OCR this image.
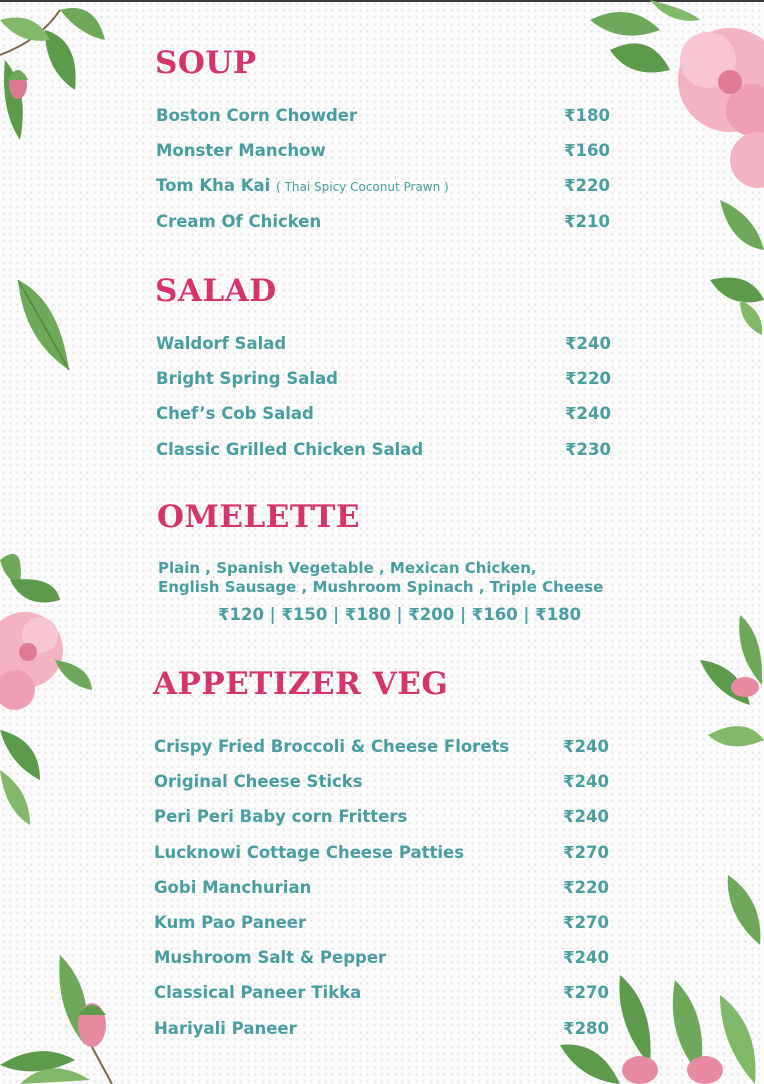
SOUP
Boston Corn Chowder	₹180
Monster Manchow	₹160
Tom Kha Kai ( Thai Spicy Coconut Prawn )	₹220
Cream Of Chicken	₹210
SALAD
Waldorf Salad	₹240
Bright Spring Salad	₹220
Chef’s Cob Salad	₹240
Classic Grilled Chicken Salad	₹230
OMELETTE

Plain , Spanish Vegetable , Mexican Chicken,

English Sausage , Mushroom Spinach , Triple Cheese

₹120 | ₹150 | ₹180 | ₹200 | ₹160 | ₹180
APPETIZER VEG
Crispy Fried Broccoli & Cheese Florets	₹240
Original Cheese Sticks	₹240
Peri Peri Baby corn Fritters	₹240
Lucknowi Cottage Cheese Patties	₹270
Gobi Manchurian	₹220
Kum Pao Paneer	₹270
Mushroom Salt & Pepper	₹240
Classical Paneer Tikka	₹270
Hariyali Paneer	₹280
